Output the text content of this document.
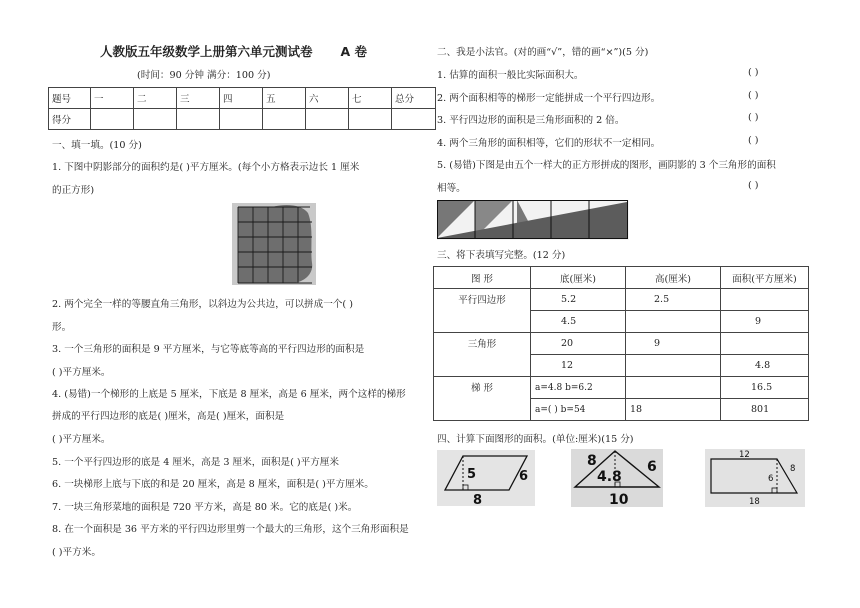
人教版五年级数学上册第六单元测试卷 A 卷
(时间：90 分钟 满分：100 分)
题号	一	二	三	四	五	六	七	总分
得分								
一、填一填。(10 分)
1. 下图中阴影部分的面积约是( )平方厘米。(每个小方格表示边长 1 厘米
的正方形)
2. 两个完全一样的等腰直角三角形，以斜边为公共边，可以拼成一个( )
形。
3. 一个三角形的面积是 9 平方厘米，与它等底等高的平行四边形的面积是
( )平方厘米。
4. (易错)一个梯形的上底是 5 厘米，下底是 8 厘米，高是 6 厘米，两个这样的梯形
拼成的平行四边形的底是( )厘米，高是( )厘米，面积是
( )平方厘米。
5. 一个平行四边形的底是 4 厘米，高是 3 厘米，面积是( )平方厘米
6. 一块梯形上底与下底的和是 20 厘米，高是 8 厘米，面积是( )平方厘米。
7. 一块三角形菜地的面积是 720 平方米，高是 80 米。它的底是( )米。
8. 在一个面积是 36 平方米的平行四边形里剪一个最大的三角形，这个三角形面积是
( )平方米。
二、我是小法官。(对的画“√”，错的画“×”)(5 分)
1. 估算的面积一般比实际面积大。	( )
2. 两个面积相等的梯形一定能拼成一个平行四边形。	( )
3. 平行四边形的面积是三角形面积的 2 倍。	( )
4. 两个三角形的面积相等，它们的形状不一定相同。	( )
5. (易错)下图是由五个一样大的正方形拼成的图形，画阴影的 3 个三角形的面积
相等。	( )
三、将下表填写完整。(12 分)
图 形	底(厘米)	高(厘米)	面积(平方厘米)
平行四边形	5.2	2.5	
	4.5		9
三角形	20	9	
	12		4.8
梯 形	a=4.8 b=6.2		16.5
	a=( ) b=54	18	801
四、计算下面图形的面积。(单位:厘米)(15 分)
5	6
8
8
4.8
6
10
12
8
6
18
